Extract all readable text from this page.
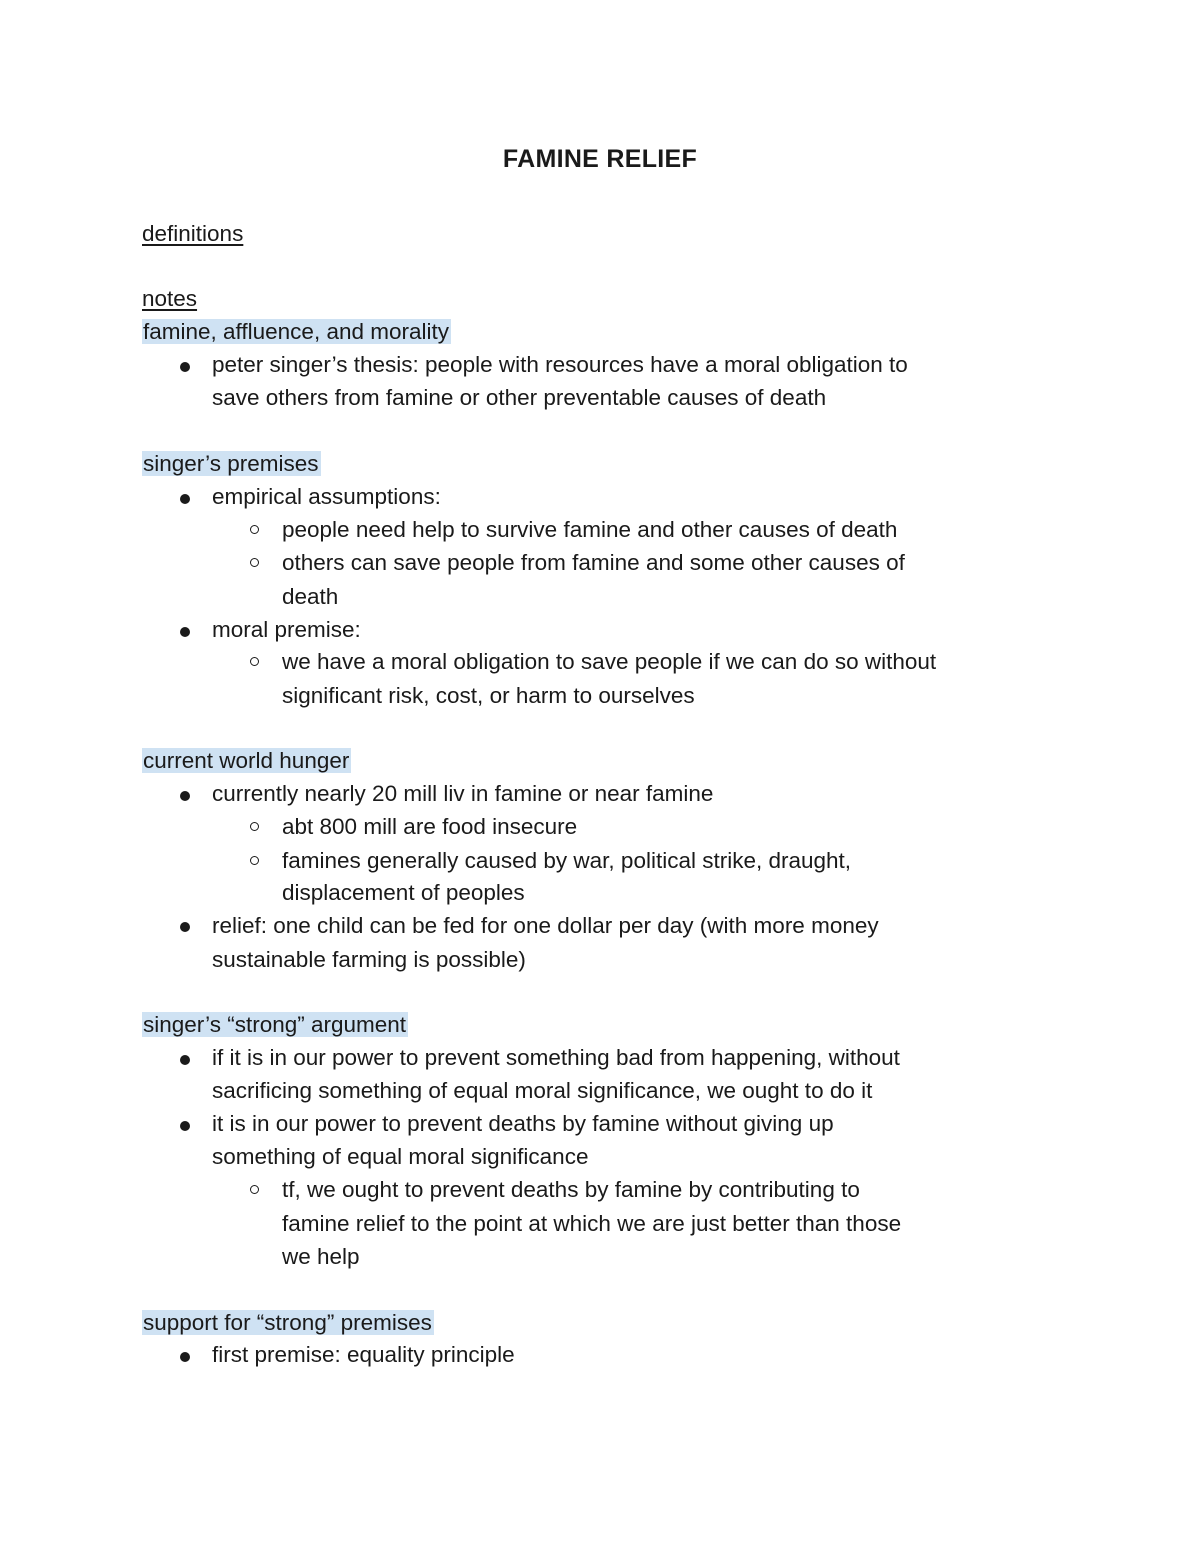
FAMINE RELIEF
definitions
notes
famine, affluence, and morality
peter singer’s thesis: people with resources have a moral obligation to
save others from famine or other preventable causes of death
singer’s premises
empirical assumptions:
people need help to survive famine and other causes of death
others can save people from famine and some other causes of
death
moral premise:
we have a moral obligation to save people if we can do so without
significant risk, cost, or harm to ourselves
current world hunger
currently nearly 20 mill liv in famine or near famine
abt 800 mill are food insecure
famines generally caused by war, political strike, draught,
displacement of peoples
relief: one child can be fed for one dollar per day (with more money
sustainable farming is possible)
singer’s “strong” argument
if it is in our power to prevent something bad from happening, without
sacrificing something of equal moral significance, we ought to do it
it is in our power to prevent deaths by famine without giving up
something of equal moral significance
tf, we ought to prevent deaths by famine by contributing to
famine relief to the point at which we are just better than those
we help
support for “strong” premises
first premise: equality principle
